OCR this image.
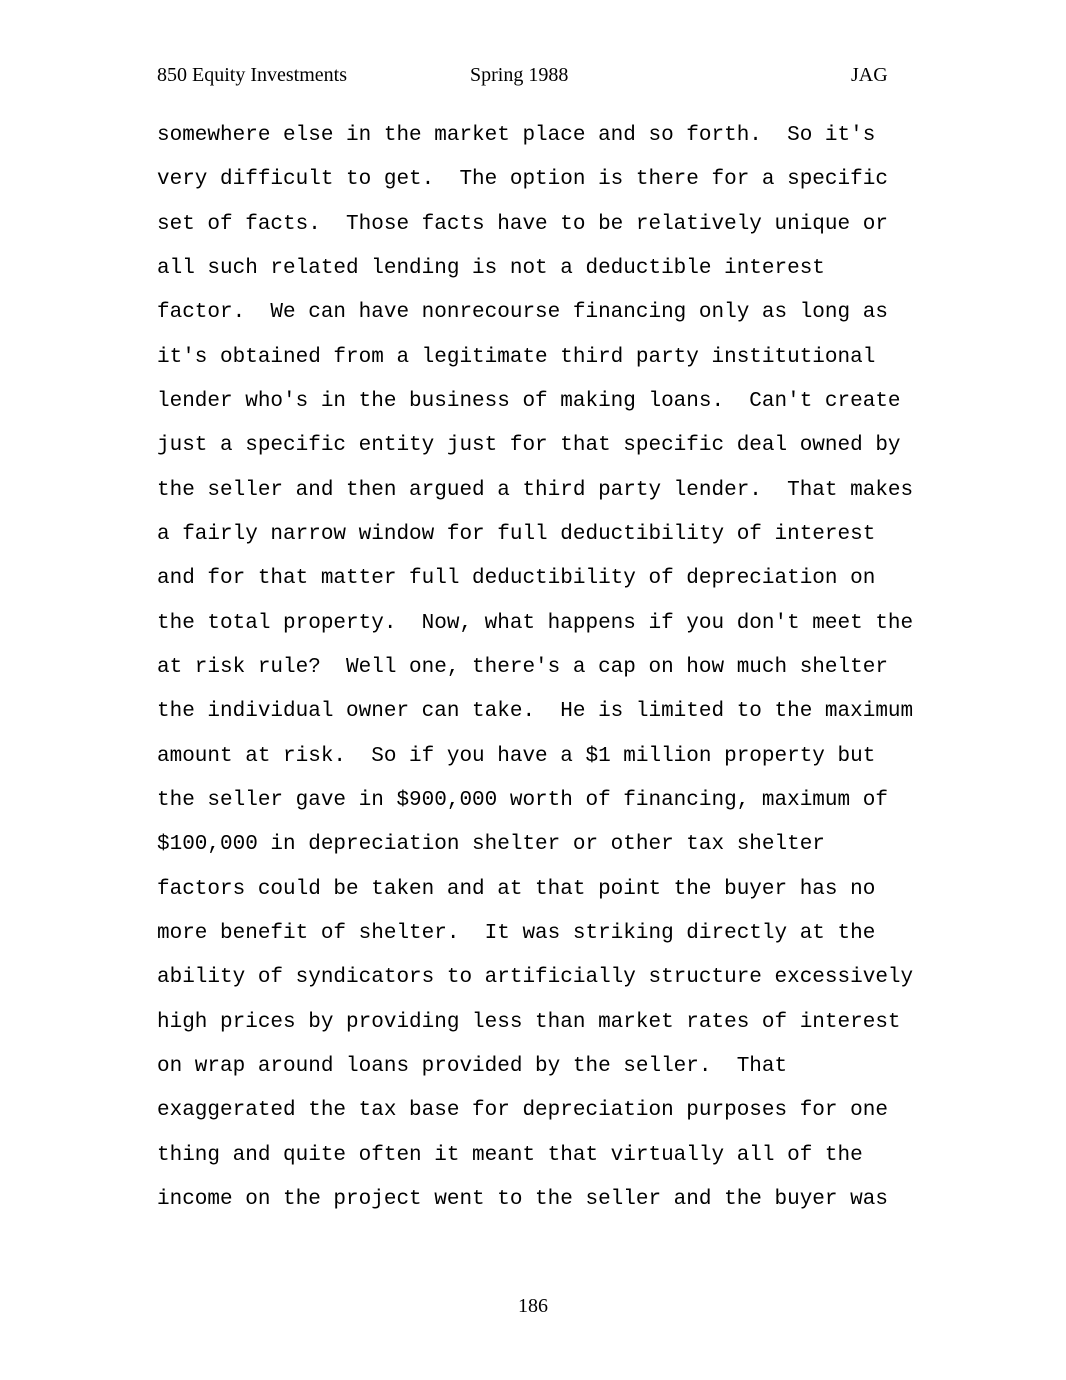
850 Equity Investments	Spring 1988	JAG
somewhere else in the market place and so forth.  So it's
very difficult to get.  The option is there for a specific
set of facts.  Those facts have to be relatively unique or
all such related lending is not a deductible interest
factor.  We can have nonrecourse financing only as long as
it's obtained from a legitimate third party institutional
lender who's in the business of making loans.  Can't create
just a specific entity just for that specific deal owned by
the seller and then argued a third party lender.  That makes
a fairly narrow window for full deductibility of interest
and for that matter full deductibility of depreciation on
the total property.  Now, what happens if you don't meet the
at risk rule?  Well one, there's a cap on how much shelter
the individual owner can take.  He is limited to the maximum
amount at risk.  So if you have a $1 million property but
the seller gave in $900,000 worth of financing, maximum of
$100,000 in depreciation shelter or other tax shelter
factors could be taken and at that point the buyer has no
more benefit of shelter.  It was striking directly at the
ability of syndicators to artificially structure excessively
high prices by providing less than market rates of interest
on wrap around loans provided by the seller.  That
exaggerated the tax base for depreciation purposes for one
thing and quite often it meant that virtually all of the
income on the project went to the seller and the buyer was
186
